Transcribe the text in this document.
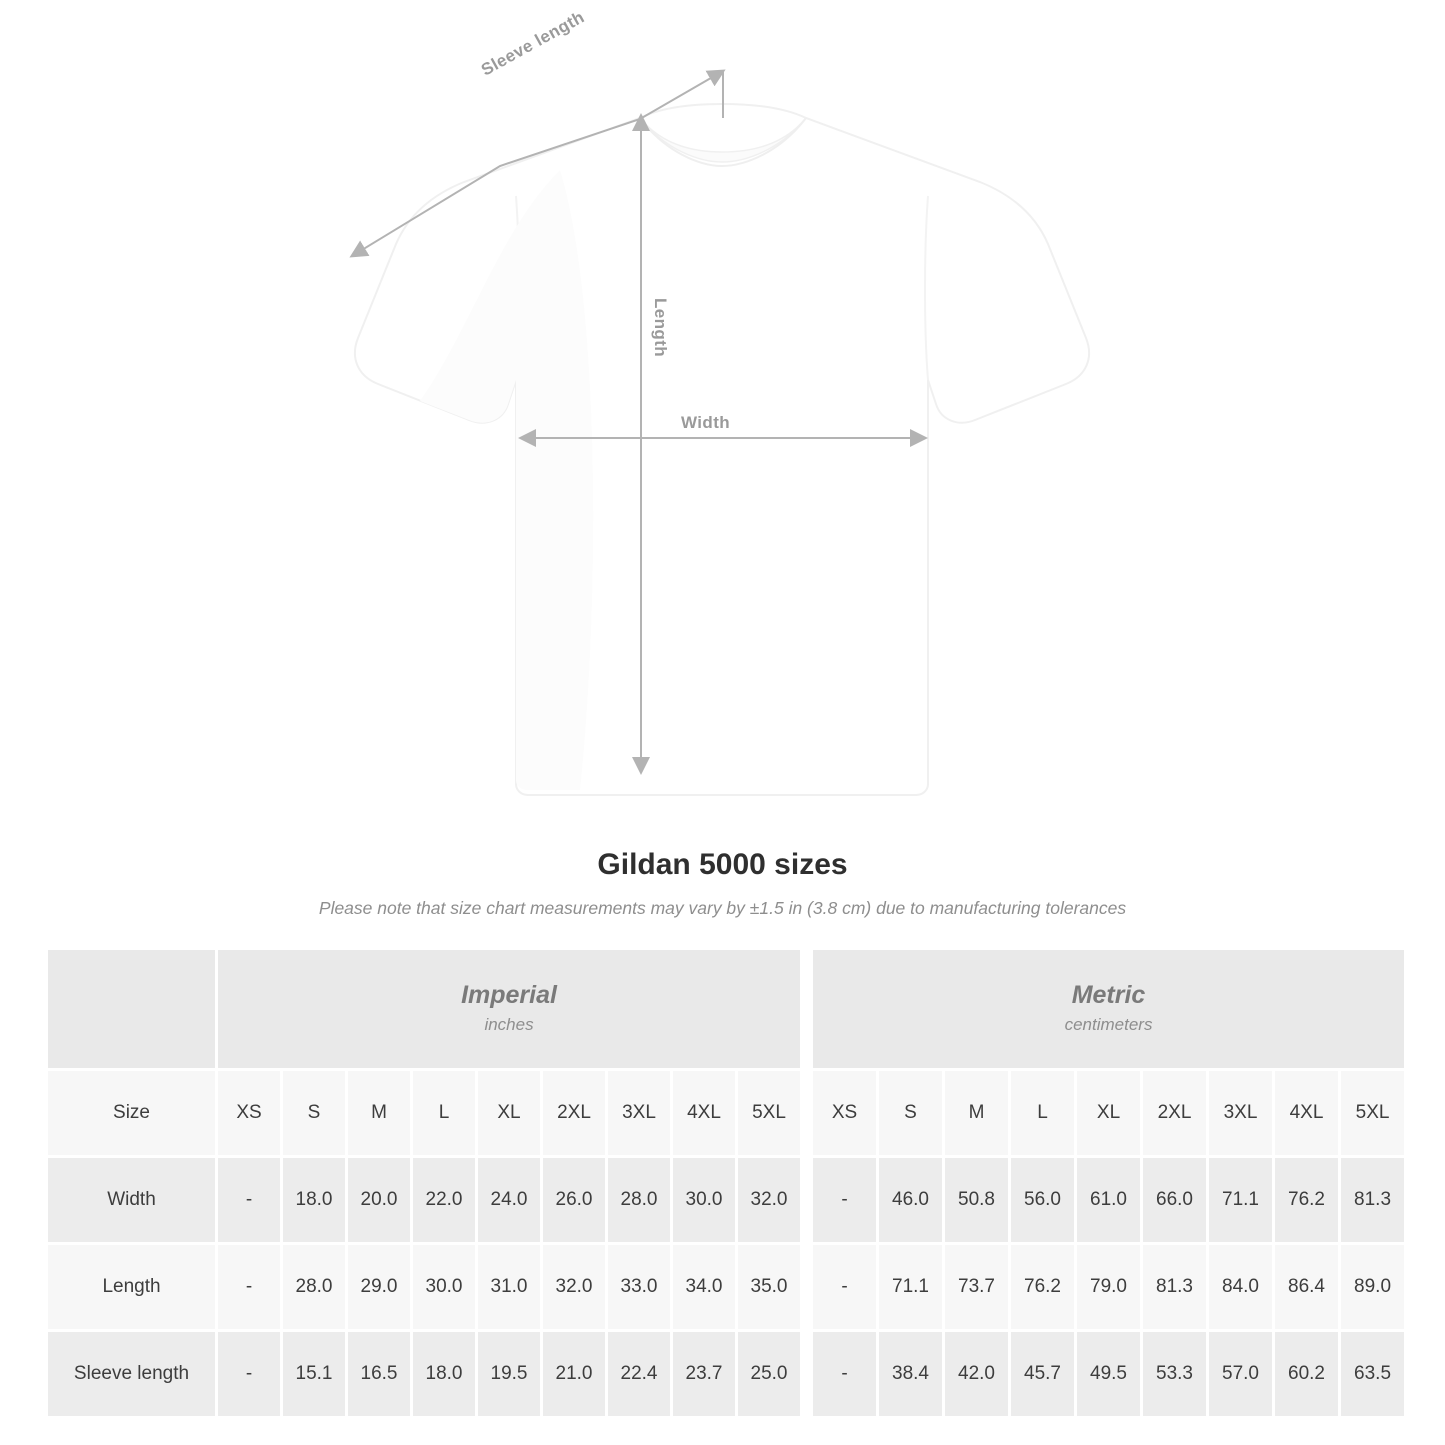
Sleeve length
Length
Width
Gildan 5000 sizes
Please note that size chart measurements may vary by ±1.5 in (3.8 cm) due to manufacturing tolerances

Imperial
inches

Metric
centimeters

Size	XS	S	M	L	XL	2XL	3XL	4XL	5XL		XS	S	M	L	XL	2XL	3XL	4XL	5XL
Width	-	18.0	20.0	22.0	24.0	26.0	28.0	30.0	32.0		-	46.0	50.8	56.0	61.0	66.0	71.1	76.2	81.3
Length	-	28.0	29.0	30.0	31.0	32.0	33.0	34.0	35.0		-	71.1	73.7	76.2	79.0	81.3	84.0	86.4	89.0
Sleeve length	-	15.1	16.5	18.0	19.5	21.0	22.4	23.7	25.0		-	38.4	42.0	45.7	49.5	53.3	57.0	60.2	63.5
